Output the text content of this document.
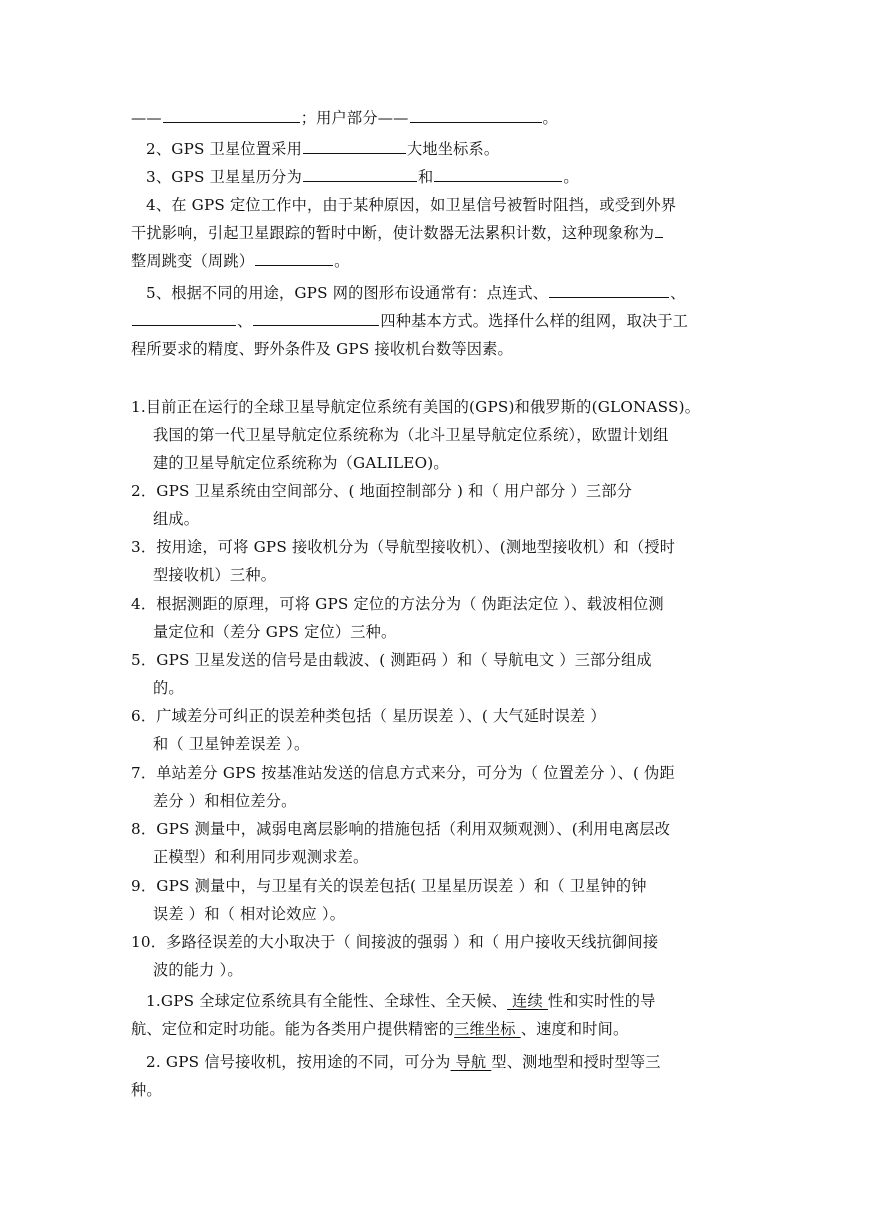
——	；用户部分——	。
2、GPS 卫星位置采用	大地坐标系。
3、GPS 卫星星历分为	和	。
4、在 GPS 定位工作中，由于某种原因，如卫星信号被暂时阻挡，或受到外界
干扰影响，引起卫星跟踪的暂时中断，使计数器无法累积计数，这种现象称为
整周跳变（周跳）	。
5、根据不同的用途，GPS 网的图形布设通常有：点连式、	、
、	四种基本方式。选择什么样的组网，取决于工
程所要求的精度、野外条件及 GPS 接收机台数等因素。
1.目前正在运行的全球卫星导航定位系统有美国的(GPS)和俄罗斯的(GLONASS)。
我国的第一代卫星导航定位系统称为（北斗卫星导航定位系统），欧盟计划组
建的卫星导航定位系统称为（GALILEO)。
2．GPS 卫星系统由空间部分、( 地面控制部分 ) 和（ 用户部分 ）三部分
组成。
3．按用途，可将 GPS 接收机分为（导航型接收机）、(测地型接收机）和（授时
型接收机）三种。
4．根据测距的原理，可将 GPS 定位的方法分为（ 伪距法定位 ）、载波相位测
量定位和（差分 GPS 定位）三种。
5．GPS 卫星发送的信号是由载波、( 测距码 ）和（ 导航电文 ）三部分组成
的。
6．广域差分可纠正的误差种类包括（ 星历误差 ）、( 大气延时误差 ）
和（ 卫星钟差误差 ）。
7．单站差分 GPS 按基准站发送的信息方式来分，可分为（ 位置差分 ）、( 伪距
差分 ）和相位差分。
8．GPS 测量中，减弱电离层影响的措施包括（利用双频观测）、(利用电离层改
正模型）和利用同步观测求差。
9．GPS 测量中，与卫星有关的误差包括( 卫星星历误差 ）和（ 卫星钟的钟
误差 ）和（ 相对论效应 ）。
10．多路径误差的大小取决于（ 间接波的强弱 ）和（ 用户接收天线抗御间接
波的能力 ）。
1.GPS 全球定位系统具有全能性、全球性、全天候、 连续 性和实时性的导
航、定位和定时功能。能为各类用户提供精密的三维坐标 、速度和时间。
2. GPS 信号接收机，按用途的不同，可分为 导航 型、测地型和授时型等三
种。
